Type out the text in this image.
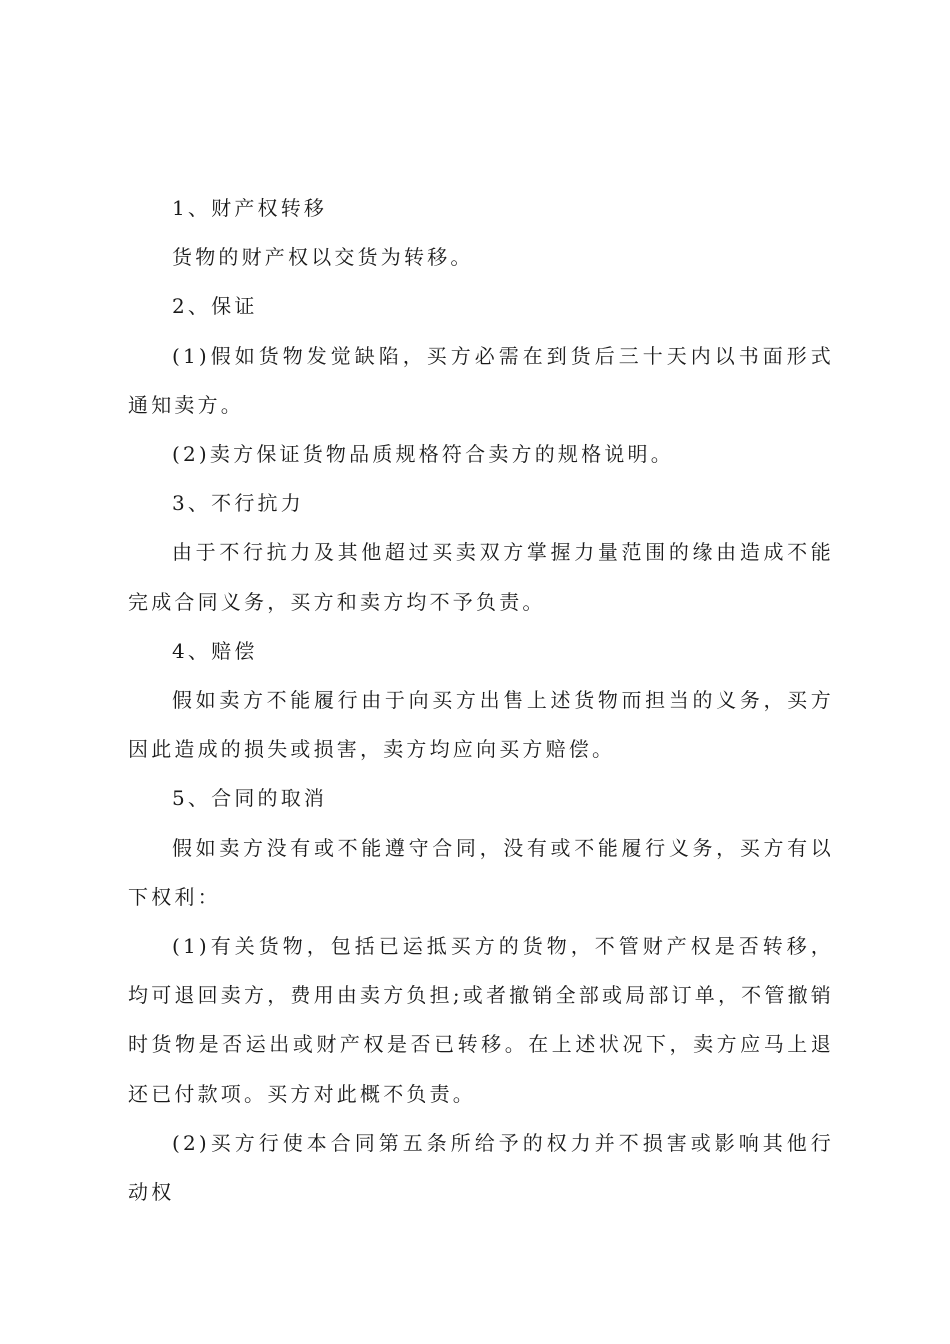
1、财产权转移

货物的财产权以交货为转移。

2、保证

(1)假如货物发觉缺陷，买方必需在到货后三十天内以书面形式通知卖方。

(2)卖方保证货物品质规格符合卖方的规格说明。

3、不行抗力

由于不行抗力及其他超过买卖双方掌握力量范围的缘由造成不能完成合同义务，买方和卖方均不予负责。

4、赔偿

假如卖方不能履行由于向买方出售上述货物而担当的义务，买方因此造成的损失或损害，卖方均应向买方赔偿。

5、合同的取消

假如卖方没有或不能遵守合同，没有或不能履行义务，买方有以下权利：

(1)有关货物，包括已运抵买方的货物，不管财产权是否转移，均可退回卖方，费用由卖方负担;或者撤销全部或局部订单，不管撤销时货物是否运出或财产权是否已转移。在上述状况下，卖方应马上退还已付款项。买方对此概不负责。

(2)买方行使本合同第五条所给予的权力并不损害或影响其他行动权
